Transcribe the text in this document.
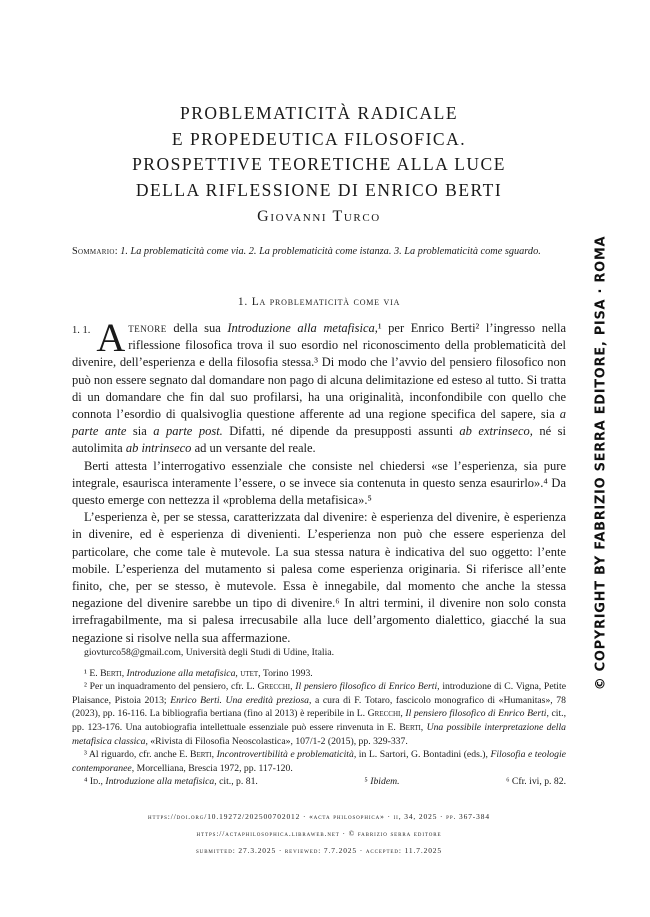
PROBLEMATICITÀ RADICALE
E PROPEDEUTICA FILOSOFICA.
PROSPETTIVE TEORETICHE ALLA LUCE
DELLA RIFLESSIONE DI ENRICO BERTI
Giovanni Turco
Sommario: 1. La problematicità come via. 2. La problematicità come istanza. 3. La problematicità come sguardo.
1. La problematicità come via

1. 1. A tenore della sua Introduzione alla metafisica,¹ per Enrico Berti² l’ingresso nella riflessione filosofica trova il suo esordio nel riconoscimento della problematicità del divenire, dell’esperienza e della filosofia stessa.³ Di modo che l’avvio del pensiero filosofico non può non essere segnato dal domandare non pago di alcuna delimitazione ed esteso al tutto. Si tratta di un domandare che fin dal suo profilarsi, ha una originalità, inconfondibile con quello che connota l’esordio di qualsivoglia questione afferente ad una regione specifica del sapere, sia a parte ante sia a parte post. Difatti, né dipende da presupposti assunti ab extrinseco, né si autolimita ab intrinseco ad un versante del reale.

Berti attesta l’interrogativo essenziale che consiste nel chiedersi «se l’esperienza, sia pure integrale, esaurisca interamente l’essere, o se invece sia contenuta in questo senza esaurirlo».⁴ Da questo emerge con nettezza il «problema della metafisica».⁵

L’esperienza è, per se stessa, caratterizzata dal divenire: è esperienza del divenire, è esperienza in divenire, ed è esperienza di divenienti. L’esperienza non può che essere esperienza del particolare, che come tale è mutevole. La sua stessa natura è indicativa del suo oggetto: l’ente mobile. L’esperienza del mutamento si palesa come esperienza originaria. Si riferisce all’ente finito, che, per se stesso, è mutevole. Essa è innegabile, dal momento che anche la stessa negazione del divenire sarebbe un tipo di divenire.⁶ In altri termini, il divenire non solo consta irrefragabilmente, ma si palesa irrecusabile alla luce dell’argomento dialettico, giacché la sua negazione si risolve nella sua affermazione.

giovturco58@gmail.com, Università degli Studi di Udine, Italia.

¹ E. Berti, Introduzione alla metafisica, utet, Torino 1993.

² Per un inquadramento del pensiero, cfr. L. Grecchi, Il pensiero filosofico di Enrico Berti, introduzione di C. Vigna, Petite Plaisance, Pistoia 2013; Enrico Berti. Una eredità preziosa, a cura di F. Totaro, fascicolo monografico di «Humanitas», 78 (2023), pp. 16-116. La bibliografia bertiana (fino al 2013) è reperibile in L. Grecchi, Il pensiero filosofico di Enrico Berti, cit., pp. 123-176. Una autobiografia intellettuale essenziale può essere rinvenuta in E. Berti, Una possibile interpretazione della metafisica classica, «Rivista di Filosofia Neoscolastica», 107/1-2 (2015), pp. 329-337.

³ Al riguardo, cfr. anche E. Berti, Incontrovertibilità e problematicità, in L. Sartori, G. Bontadini (eds.), Filosofia e teologie contemporanee, Morcelliana, Brescia 1972, pp. 117-120.

⁴ Id., Introduzione alla metafisica, cit., p. 81.	⁵ Ibidem.	⁶ Cfr. ivi, p. 82.
https://doi.org/10.19272/202500702012 · «acta philosophica» · ii, 34, 2025 · pp. 367-384
https://actaphilosophica.libraweb.net · © fabrizio serra editore
submitted: 27.3.2025 · reviewed: 7.7.2025 · accepted: 11.7.2025
© COPYRIGHT BY FABRIZIO SERRA EDITORE, PISA · ROMA
